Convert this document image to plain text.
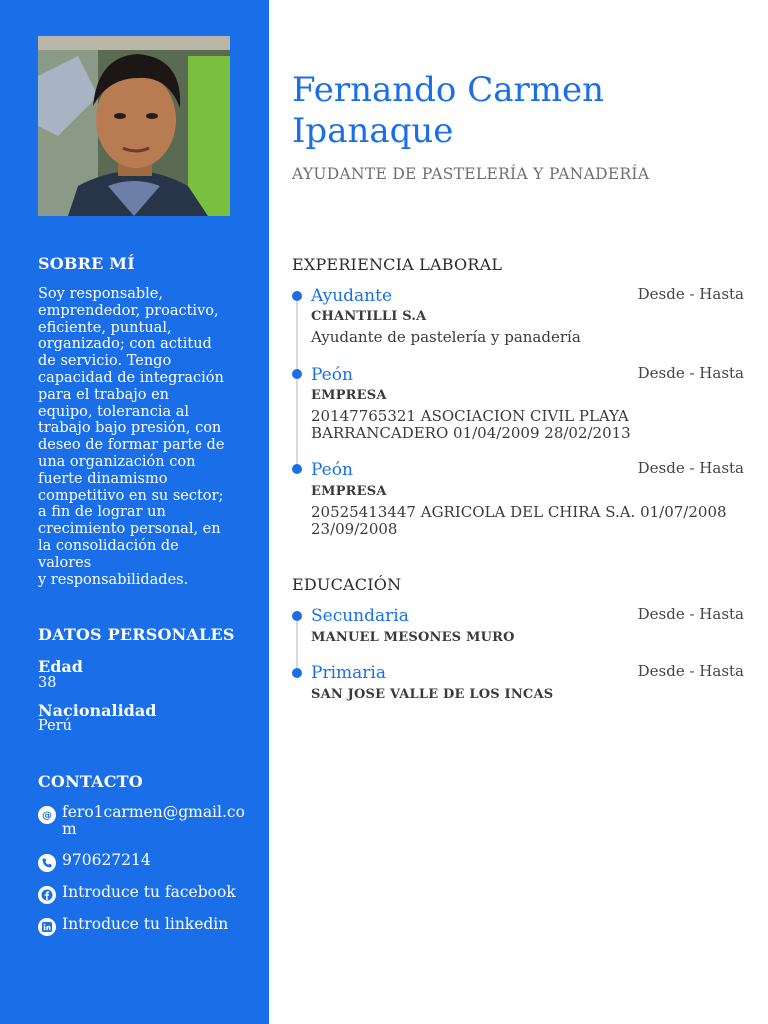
SOBRE MÍ
Soy responsable,
emprendedor, proactivo,
eficiente, puntual,
organizado; con actitud
de servicio. Tengo
capacidad de integración
para el trabajo en
equipo, tolerancia al
trabajo bajo presión, con
deseo de formar parte de
una organización con
fuerte dinamismo
competitivo en su sector;
a fin de lograr un
crecimiento personal, en
la consolidación de
valores
y responsabilidades.
DATOS PERSONALES
Edad
38
Nacionalidad
Perú
CONTACTO
@ fero1carmen@gmail.com
970627214
Introduce tu facebook
Introduce tu linkedin
Fernando Carmen
Ipanaque
AYUDANTE DE PASTELERÍA Y PANADERÍA
EXPERIENCIA LABORAL
Ayudante	Desde - Hasta
CHANTILLI S.A
Ayudante de pastelería y panadería
Peón	Desde - Hasta
EMPRESA
20147765321 ASOCIACION CIVIL PLAYA BARRANCADERO 01/04/2009 28/02/2013
Peón	Desde - Hasta
EMPRESA
20525413447 AGRICOLA DEL CHIRA S.A. 01/07/2008 23/09/2008
EDUCACIÓN
Secundaria	Desde - Hasta
MANUEL MESONES MURO
Primaria	Desde - Hasta
SAN JOSE VALLE DE LOS INCAS
